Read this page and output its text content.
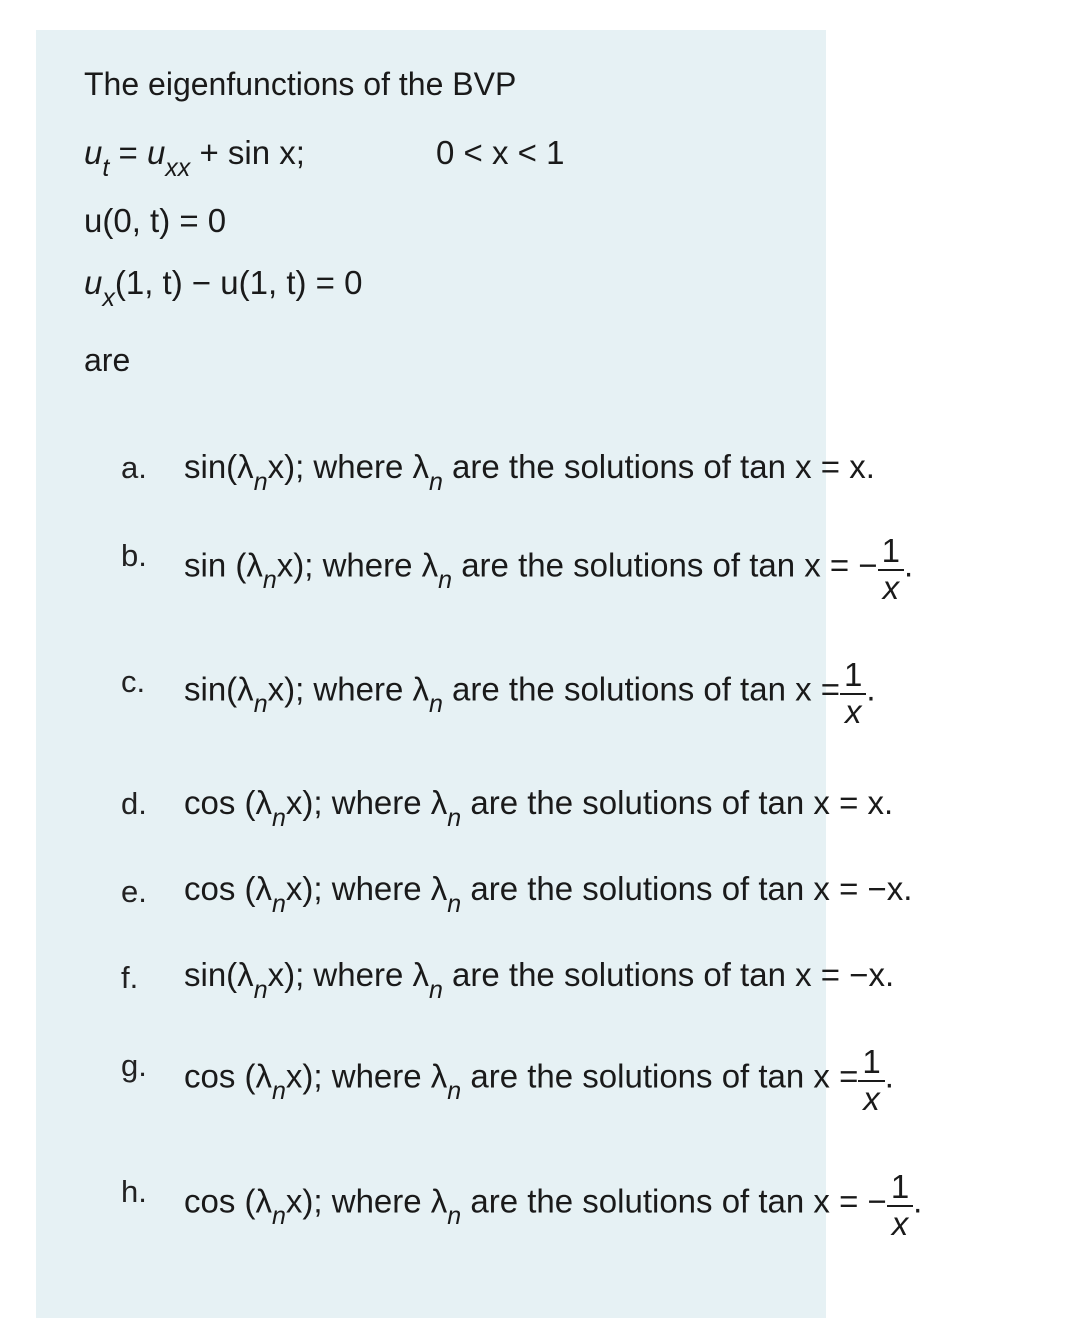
The eigenfunctions of the BVP
$u_t = u_{xx} + \sin x$;	0 < x < 1
u(0, t) = 0
$u_x(1$, t) − u(1, t) = 0
are
a. $\sin(\lambda_nx)$; where $\lambda_n$ are the solutions of tan x = x.
b. $\sin (\lambda_nx)$; where $\lambda_n$ are the solutions of tan x = − $\frac{1}{x}$ .
c. $\sin(\lambda_nx)$; where $\lambda_n$ are the solutions of $\tan x = \frac{1}{x}$ .
d. $\cos (\lambda_nx)$; where $\lambda_n$ are the solutions of tan x = x.
e. $\cos (\lambda_nx)$; where $\lambda_n$ are the solutions of tan x = −x.
f. $\sin(\lambda_nx)$; where $\lambda_n$ are the solutions of tan x = −x.
g. $\cos (\lambda_nx)$; where $\lambda_n$ are the solutions of $\tan x = \frac{1}{x}$ .
h. $\cos (\lambda_nx)$; where $\lambda_n$ are the solutions of tan x = − $\frac{1}{x}$ .
